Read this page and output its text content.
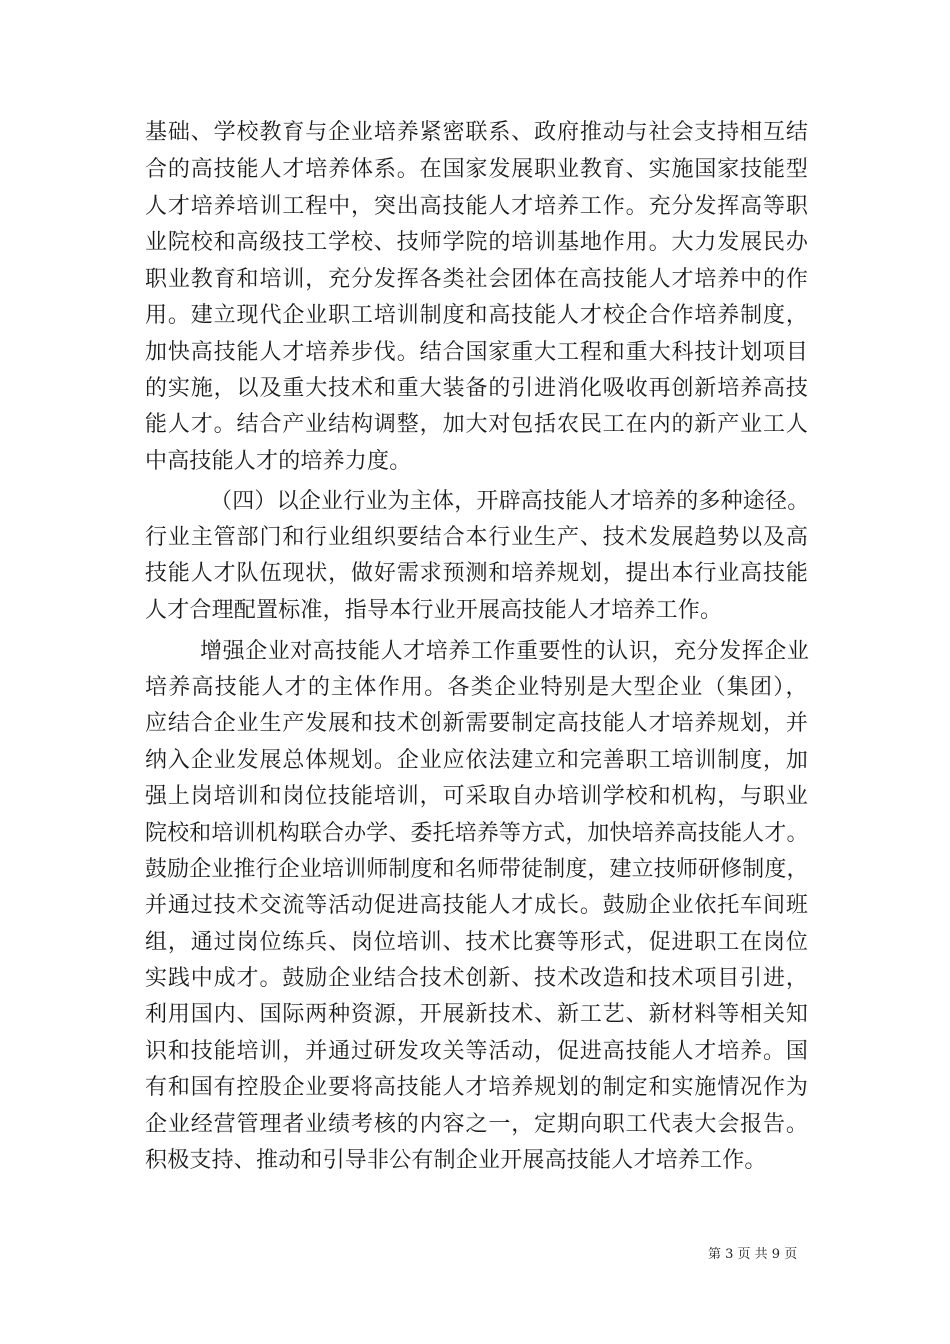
基础、学校教育与企业培养紧密联系、政府推动与社会支持相互结
合的高技能人才培养体系。在国家发展职业教育、实施国家技能型
人才培养培训工程中，突出高技能人才培养工作。充分发挥高等职
业院校和高级技工学校、技师学院的培训基地作用。大力发展民办
职业教育和培训，充分发挥各类社会团体在高技能人才培养中的作
用。建立现代企业职工培训制度和高技能人才校企合作培养制度，
加快高技能人才培养步伐。结合国家重大工程和重大科技计划项目
的实施，以及重大技术和重大装备的引进消化吸收再创新培养高技
能人才。结合产业结构调整，加大对包括农民工在内的新产业工人
中高技能人才的培养力度。
（四）以企业行业为主体，开辟高技能人才培养的多种途径。
行业主管部门和行业组织要结合本行业生产、技术发展趋势以及高
技能人才队伍现状，做好需求预测和培养规划，提出本行业高技能
人才合理配置标准，指导本行业开展高技能人才培养工作。
增强企业对高技能人才培养工作重要性的认识，充分发挥企业
培养高技能人才的主体作用。各类企业特别是大型企业（集团），
应结合企业生产发展和技术创新需要制定高技能人才培养规划，并
纳入企业发展总体规划。企业应依法建立和完善职工培训制度，加
强上岗培训和岗位技能培训，可采取自办培训学校和机构，与职业
院校和培训机构联合办学、委托培养等方式，加快培养高技能人才。
鼓励企业推行企业培训师制度和名师带徒制度，建立技师研修制度，
并通过技术交流等活动促进高技能人才成长。鼓励企业依托车间班
组，通过岗位练兵、岗位培训、技术比赛等形式，促进职工在岗位
实践中成才。鼓励企业结合技术创新、技术改造和技术项目引进，
利用国内、国际两种资源，开展新技术、新工艺、新材料等相关知
识和技能培训，并通过研发攻关等活动，促进高技能人才培养。国
有和国有控股企业要将高技能人才培养规划的制定和实施情况作为
企业经营管理者业绩考核的内容之一，定期向职工代表大会报告。
积极支持、推动和引导非公有制企业开展高技能人才培养工作。
第 3 页 共 9 页
